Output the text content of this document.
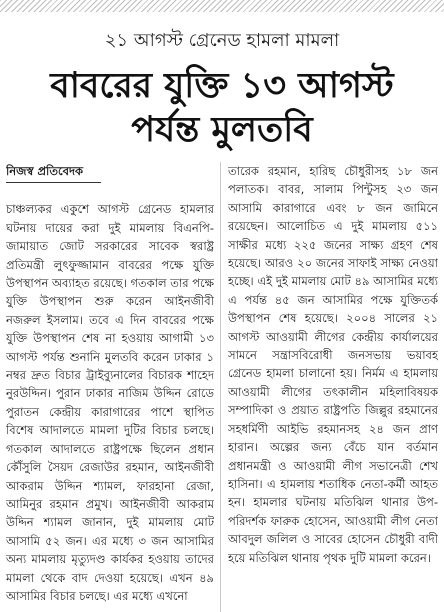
২১ আগস্ট গ্রেনেড হামলা মামলা
বাবরের যুক্তি ১৩ আগস্ট
পর্যন্ত মুলতবি
নিজস্ব প্রতিবেদক

চাঞ্চল্যকর একুশে আগস্ট গ্রেনেড হামলার ঘটনায় দায়ের করা দুই মামলায় বিএনপি-জামায়াত জোট সরকারের সাবেক স্বরাষ্ট্র প্রতিমন্ত্রী লুৎফুজ্জামান বাবরের পক্ষে যুক্তি উপস্থাপন অব্যাহত রয়েছে। গতকাল তার পক্ষে যুক্তি উপস্থাপন শুরু করেন আইনজীবী নজরুল ইসলাম। তবে এ দিন বাবরের পক্ষে যুক্তি উপস্থাপন শেষ না হওয়ায় আগামী ১৩ আগস্ট পর্যন্ত শুনানি মুলতবি করেন ঢাকার ১ নম্বর দ্রুত বিচার ট্রাইব্যুনালের বিচারক শাহেদ নুরউদ্দিন। পুরান ঢাকার নাজিম উদ্দিন রোডে পুরাতন কেন্দ্রীয় কারাগারের পাশে স্থাপিত বিশেষ আদালতে মামলা দুটির বিচার চলছে। গতকাল আদালতে রাষ্ট্রপক্ষে ছিলেন প্রধান কৌঁসুলি সৈয়দ রেজাউর রহমান, আইনজীবী আকরাম উদ্দিন শ্যামল, ফারহানা রেজা, আমিনুর রহমান প্রমুখ। আইনজীবী আকরাম উদ্দিন শ্যামল জানান, দুই মামলায় মোট আসামি ৫২ জন। এর মধ্যে ৩ জন আসামির অন্য মামলায় মৃত্যুদণ্ড কার্যকর হওয়ায় তাদের মামলা থেকে বাদ দেওয়া হয়েছে। এখন ৪৯ আসামির বিচার চলছে। এর মধ্যে এখনো

তারেক রহমান, হারিছ চৌধুরীসহ ১৮ জন পলাতক। বাবর, সালাম পিন্টুসহ ২৩ জন আসামি কারাগারে এবং ৮ জন জামিনে রয়েছেন। আলোচিত এ দুই মামলায় ৫১১ সাক্ষীর মধ্যে ২২৫ জনের সাক্ষ্য গ্রহণ শেষ হয়েছে। আরও ২০ জনের সাফাই সাক্ষ্য নেওয়া হচ্ছে। এই দুই মামলায় মোট ৪৯ আসামির মধ্যে এ পর্যন্ত ৪৫ জন আসামির পক্ষে যুক্তিতর্ক উপস্থাপন শেষ হয়েছে। ২০০৪ সালের ২১ আগস্ট আওয়ামী লীগের কেন্দ্রীয় কার্যালয়ের সামনে সন্ত্রাসবিরোধী জনসভায় ভয়াবহ গ্রেনেড হামলা চালানো হয়। নির্মম এ হামলায় আওয়ামী লীগের তৎকালীন মহিলাবিষয়ক সম্পাদিকা ও প্রয়াত রাষ্ট্রপতি জিল্লুর রহমানের সহধর্মিণী আইভি রহমানসহ ২৪ জন প্রাণ হারান। অল্পের জন্য বেঁচে যান বর্তমান প্রধানমন্ত্রী ও আওয়ামী লীগ সভানেত্রী শেখ হাসিনা। এ হামলায় শতাধিক নেতা-কর্মী আহত হন। হামলার ঘটনায় মতিঝিল থানার উপ-পরিদর্শক ফারুক হোসেন, আওয়ামী লীগ নেতা আবদুল জলিল ও সাবের হোসেন চৌধুরী বাদী হয়ে মতিঝিল থানায় পৃথক দুটি মামলা করেন।
